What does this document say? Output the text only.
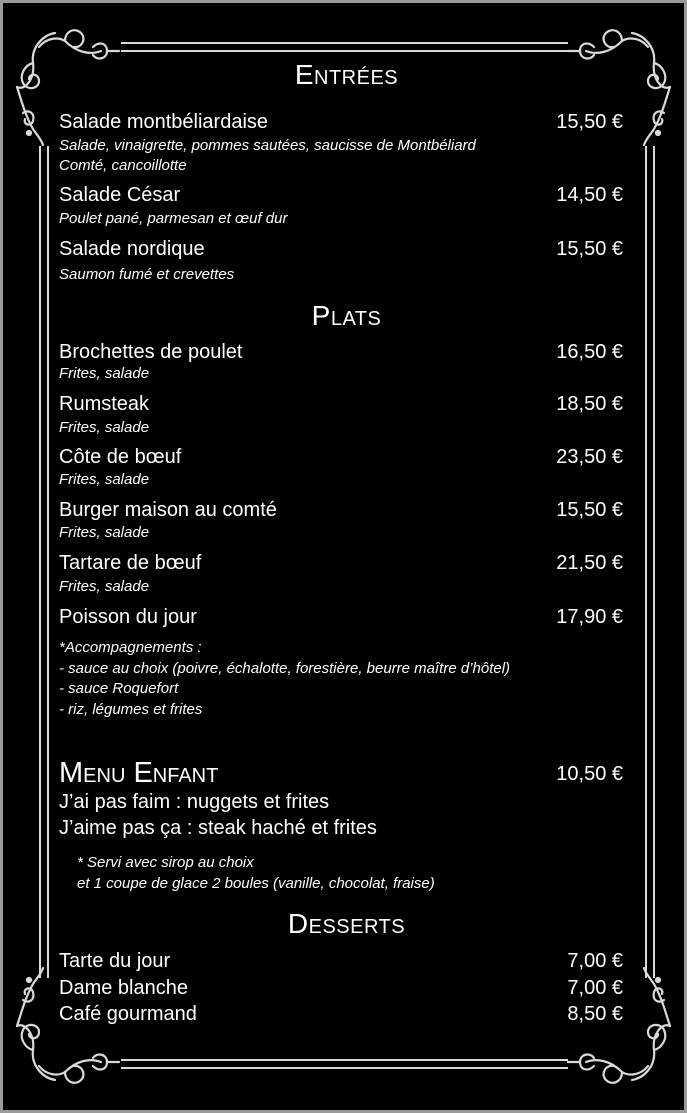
Entrées
Salade montbéliardaise	15,50 €
Salade, vinaigrette, pommes sautées, saucisse de Montbéliard
Comté, cancoillotte
Salade César	14,50 €
Poulet pané, parmesan et œuf dur
Salade nordique	15,50 €
Saumon fumé et crevettes
Plats
Brochettes de poulet	16,50 €
Frites, salade
Rumsteak	18,50 €
Frites, salade
Côte de bœuf	23,50 €
Frites, salade
Burger maison au comté	15,50 €
Frites, salade
Tartare de bœuf	21,50 €
Frites, salade
Poisson du jour	17,90 €
*Accompagnements :
- sauce au choix (poivre, échalotte, forestière, beurre maître d’hôtel)
- sauce Roquefort
- riz, légumes et frites
Menu Enfant	10,50 €
J’ai pas faim : nuggets et frites
J’aime pas ça : steak haché et frites
* Servi avec sirop au choix
et 1 coupe de glace 2 boules (vanille, chocolat, fraise)
Desserts
Tarte du jour	7,00 €
Dame blanche	7,00 €
Café gourmand	8,50 €
